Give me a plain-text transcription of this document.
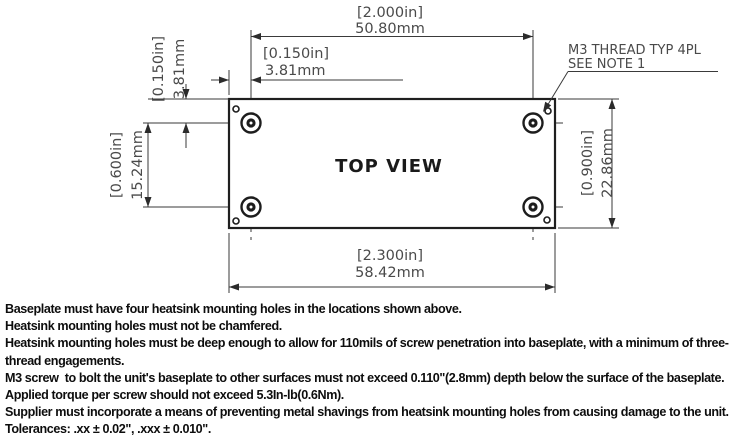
[2.000in]
50.80mm
[0.150in]
3.81mm
[0.150in] 3.81mm
[0.600in] 15.24mm	[0.900in] 22.86mm
[2.300in]
58.42mm
M3 THREAD TYP 4PL
SEE NOTE 1
TOP VIEW
Baseplate must have four heatsink mounting holes in the locations shown above.
Heatsink mounting holes must not be chamfered.
Heatsink mounting holes must be deep enough to allow for 110mils of screw penetration into baseplate, with a minimum of three-
thread engagements.
M3 screw  to bolt the unit's baseplate to other surfaces must not exceed 0.110"(2.8mm) depth below the surface of the baseplate.
Applied torque per screw should not exceed 5.3In-lb(0.6Nm).
Supplier must incorporate a means of preventing metal shavings from heatsink mounting holes from causing damage to the unit.
Tolerances: .xx ± 0.02", .xxx ± 0.010".
